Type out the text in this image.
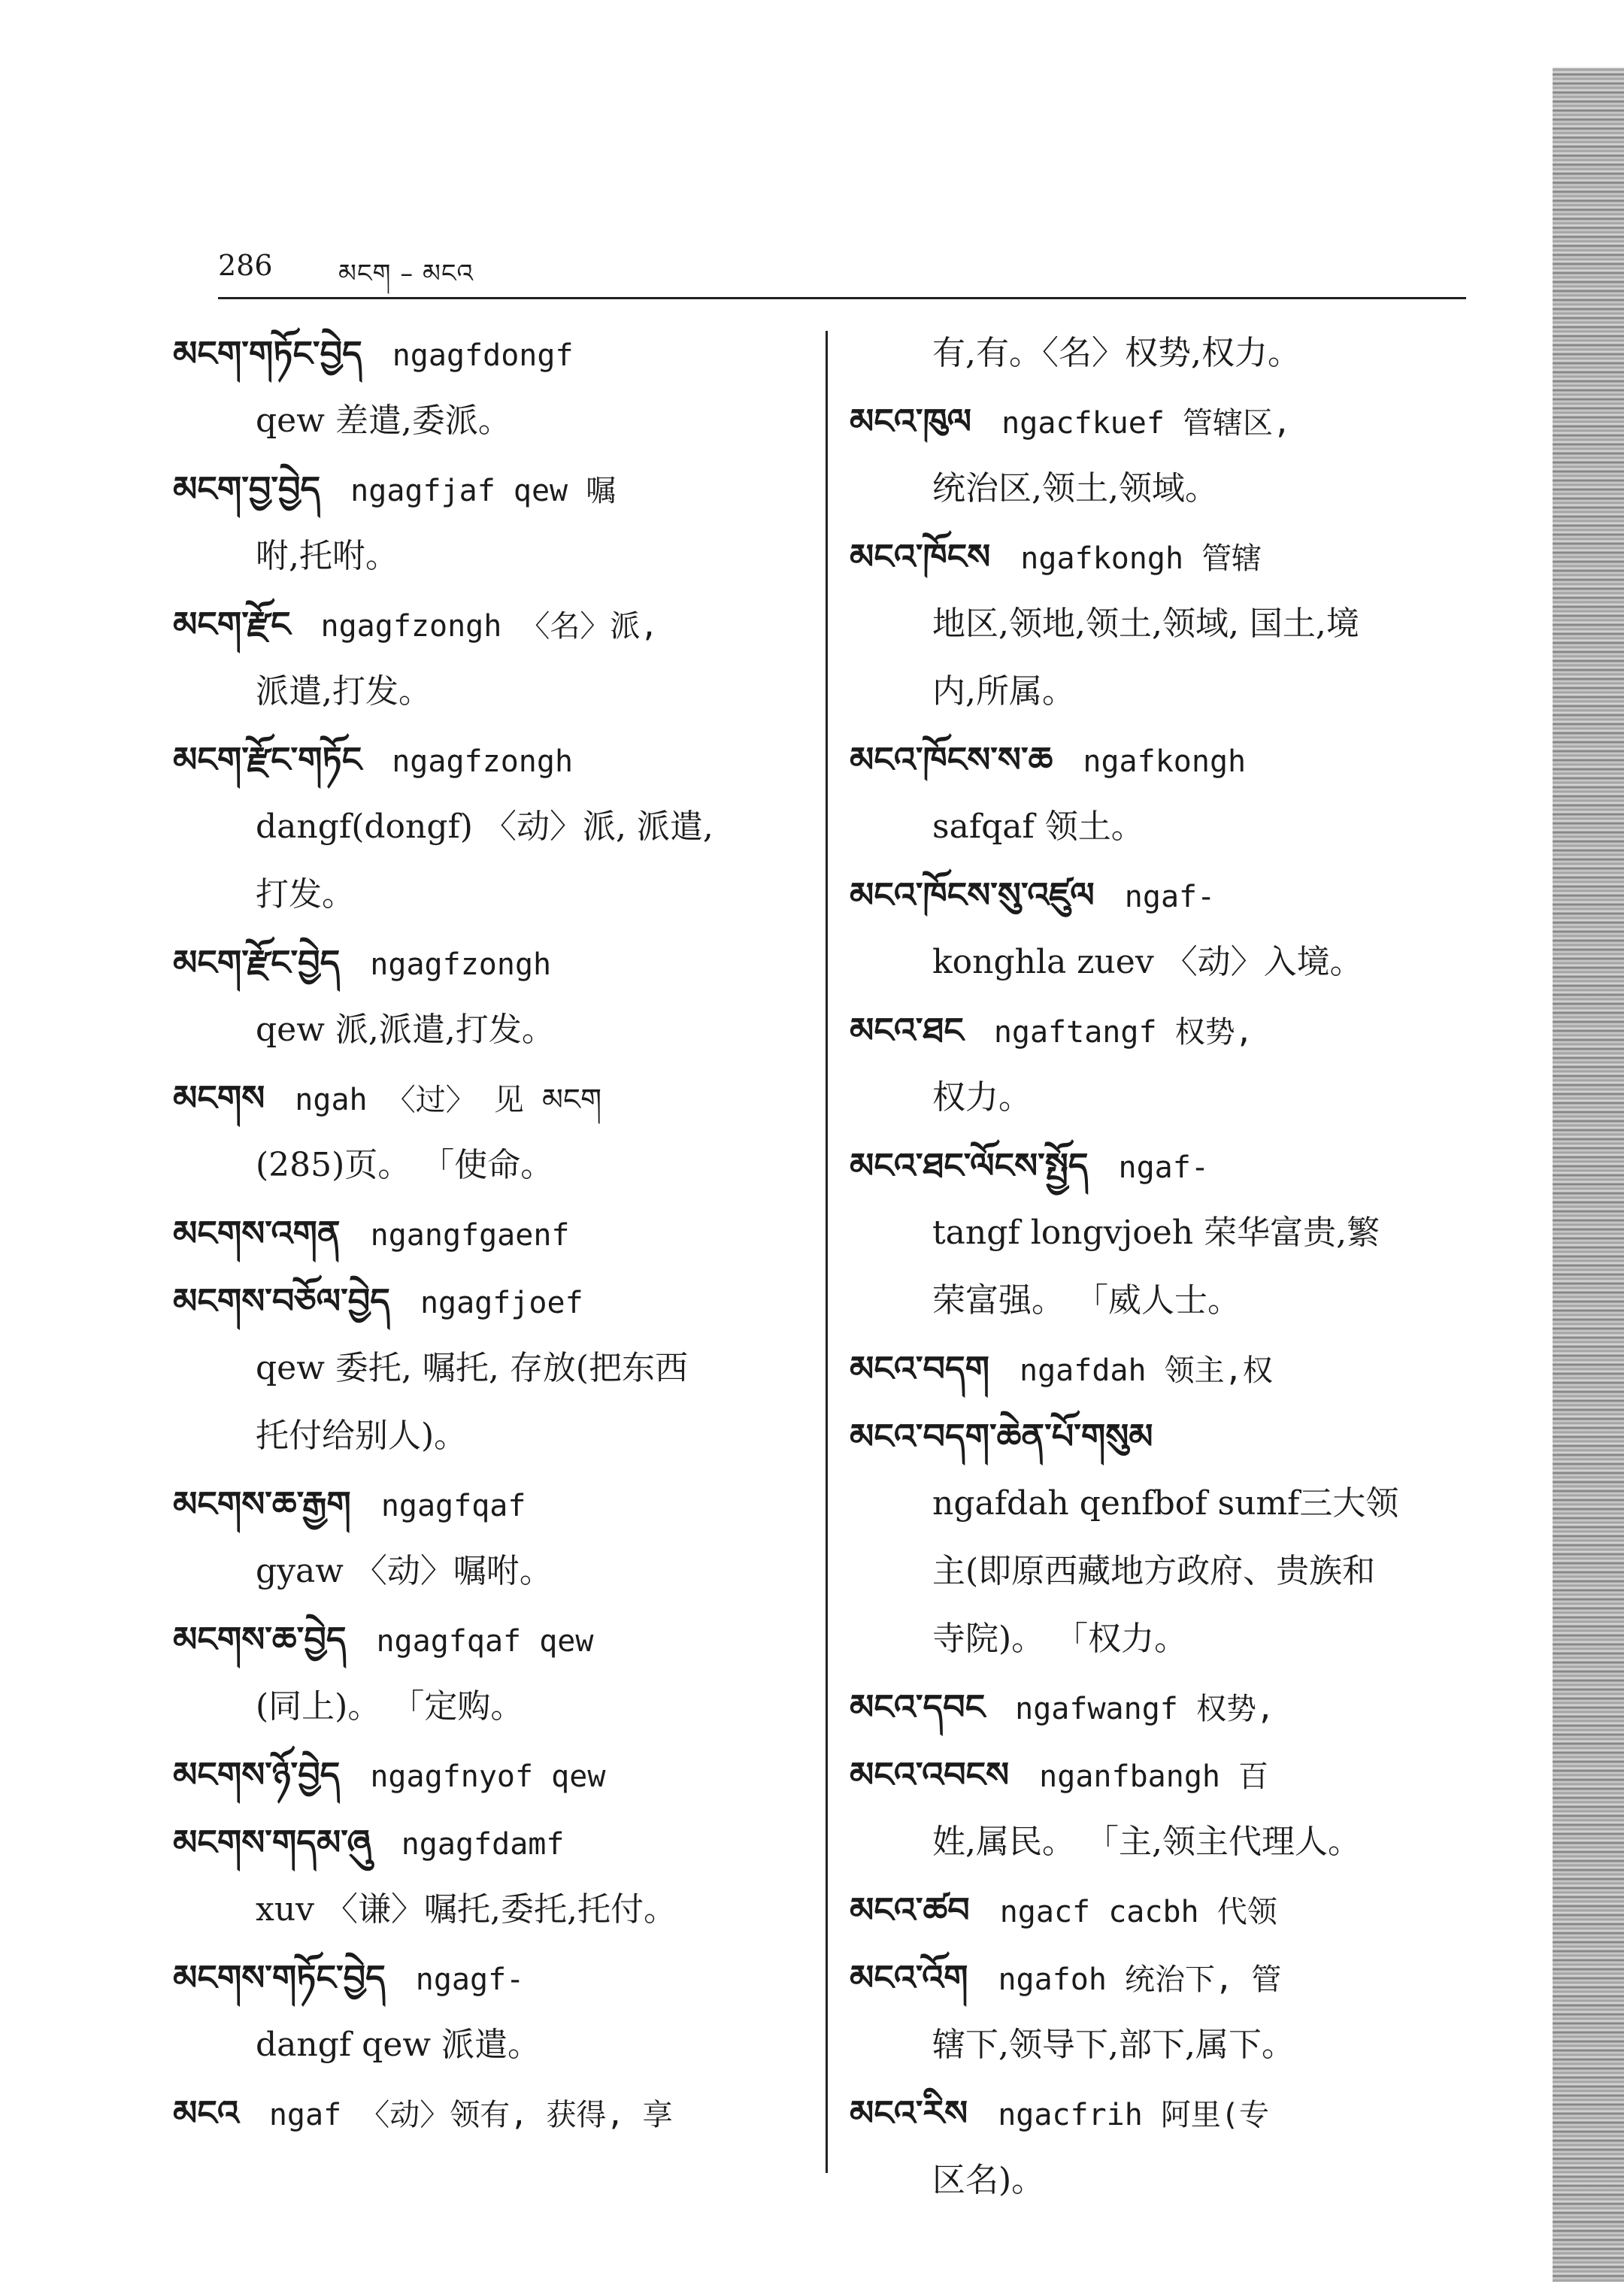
286	མངག – མངའ
མངག་གཏོང་བྱེད ngagfdongf
qew 差遣,委派。
མངག་བྱ་བྱེད ngagfjaf qew 嘱
咐,托咐。
མངག་རྫོང ngagfzongh 〈名〉派,
派遣,打发。
མངག་རྫོང་གཏོང ngagfzongh
dangf(dongf) 〈动〉派, 派遣,
打发。
མངག་རྫོང་བྱེད ngagfzongh
qew 派,派遣,打发。
མངགས ngah 〈过〉 见 མངག
(285)页。 「使命。
མངགས་འགན ngangfgaenf
མངགས་བཅོལ་བྱེད ngagfjoef
qew 委托, 嘱托, 存放(把东西
托付给别人)。
མངགས་ཆ་རྒྱག ngagfqaf
gyaw 〈动〉嘱咐。
མངགས་ཆ་བྱེད ngagfqaf qew
(同上)。 「定购。
མངགས་ཉོ་བྱེད ngagfnyof qew
མངགས་གདམ་ཞུ ngagfdamf
xuv 〈谦〉嘱托,委托,托付。
མངགས་གཏོང་བྱེད ngagf-
dangf qew 派遣。
མངའ ngaf 〈动〉领有, 获得, 享
有,有。〈名〉权势,权力。
མངའ་ཁུལ ngacfkuef 管辖区,
统治区,领土,领域。
མངའ་ཁོངས ngafkongh 管辖
地区,领地,领土,领域, 国土,境
内,所属。
མངའ་ཁོངས་ས་ཆ ngafkongh
safqaf 领土。
མངའ་ཁོངས་སུ་འཛུལ ngaf-
konghla zuev 〈动〉入境。
མངའ་ཐང ngaftangf 权势,
权力。
མངའ་ཐང་ལོངས་སྤྱོད ngaf-
tangf longvjoeh 荣华富贵,繁
荣富强。 「威人士。
མངའ་བདག ngafdah 领主,权
མངའ་བདག་ཆེན་པོ་གསུམ
ngafdah qenfbof sumf三大领
主(即原西藏地方政府、贵族和
寺院)。 「权力。
མངའ་དབང ngafwangf 权势,
མངའ་འབངས nganfbangh 百
姓,属民。 「主,领主代理人。
མངའ་ཚབ ngacf cacbh 代领
མངའ་འོག ngafoh 统治下, 管
辖下,领导下,部下,属下。
མངའ་རིས ngacfrih 阿里(专
区名)。
